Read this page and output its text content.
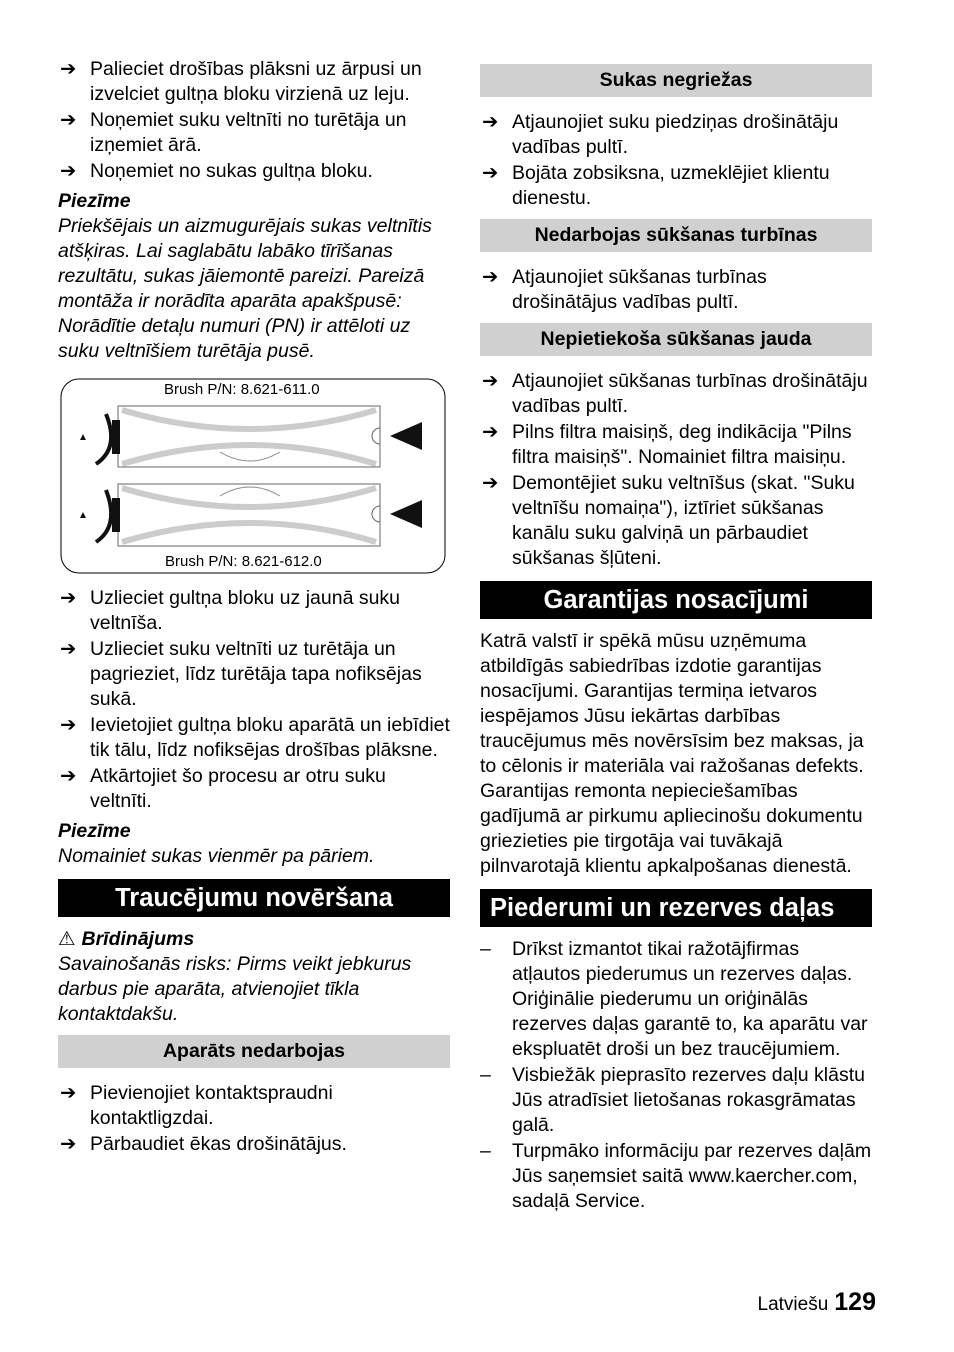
➔ Palieciet drošības plāksni uz ārpusi un izvelciet gultņa bloku virzienā uz leju.
➔ Noņemiet suku veltnīti no turētāja un izņemiet ārā.
➔ Noņemiet no sukas gultņa bloku.
Piezīme
Priekšējais un aizmugurējais sukas veltnītis atšķiras. Lai saglabātu labāko tīrīšanas rezultātu, sukas jāiemontē pareizi. Pareizā montāža ir norādīta aparāta apakšpusē: Norādītie detaļu numuri (PN) ir attēloti uz suku veltnīšiem turētāja pusē.
Brush P/N: 8.621-611.0
Brush P/N: 8.621-612.0
➔ Uzlieciet gultņa bloku uz jaunā suku veltnīša.
➔ Uzlieciet suku veltnīti uz turētāja un pagrieziet, līdz turētāja tapa nofiksējas sukā.
➔ Ievietojiet gultņa bloku aparātā un iebīdiet tik tālu, līdz nofiksējas drošības plāksne.
➔ Atkārtojiet šo procesu ar otru suku veltnīti.
Piezīme
Nomainiet sukas vienmēr pa pāriem.
Traucējumu novēršana
⚠ Brīdinājums
Savainošanās risks: Pirms veikt jebkurus darbus pie aparāta, atvienojiet tīkla kontaktdakšu.
Aparāts nedarbojas
➔ Pievienojiet kontaktspraudni kontaktligzdai.
➔ Pārbaudiet ēkas drošinātājus.
Sukas negriežas
➔ Atjaunojiet suku piedziņas drošinātāju vadības pultī.
➔ Bojāta zobsiksna, uzmeklējiet klientu dienestu.
Nedarbojas sūkšanas turbīnas
➔ Atjaunojiet sūkšanas turbīnas drošinātājus vadības pultī.
Nepietiekoša sūkšanas jauda
➔ Atjaunojiet sūkšanas turbīnas drošinātāju vadības pultī.
➔ Pilns filtra maisiņš, deg indikācija "Pilns filtra maisiņš". Nomainiet filtra maisiņu.
➔ Demontējiet suku veltnīšus (skat. "Suku veltnīšu nomaiņa"), iztīriet sūkšanas kanālu suku galviņā un pārbaudiet sūkšanas šļūteni.
Garantijas nosacījumi
Katrā valstī ir spēkā mūsu uzņēmuma atbildīgās sabiedrības izdotie garantijas nosacījumi. Garantijas termiņa ietvaros iespējamos Jūsu iekārtas darbības traucējumus mēs novērsīsim bez maksas, ja to cēlonis ir materiāla vai ražošanas defekts. Garantijas remonta nepieciešamības gadījumā ar pirkumu apliecinošu dokumentu griezieties pie tirgotāja vai tuvākajā pilnvarotajā klientu apkalpošanas dienestā.
Piederumi un rezerves daļas
– Drīkst izmantot tikai ražotājfirmas atļautos piederumus un rezerves daļas. Oriģinālie piederumu un oriģinālās rezerves daļas garantē to, ka aparātu var ekspluatēt droši un bez traucējumiem.
– Visbiežāk pieprasīto rezerves daļu klāstu Jūs atradīsiet lietošanas rokasgrāmatas galā.
– Turpmāko informāciju par rezerves daļām Jūs saņemsiet saitā www.kaercher.com, sadaļā Service.
Latviešu 129
